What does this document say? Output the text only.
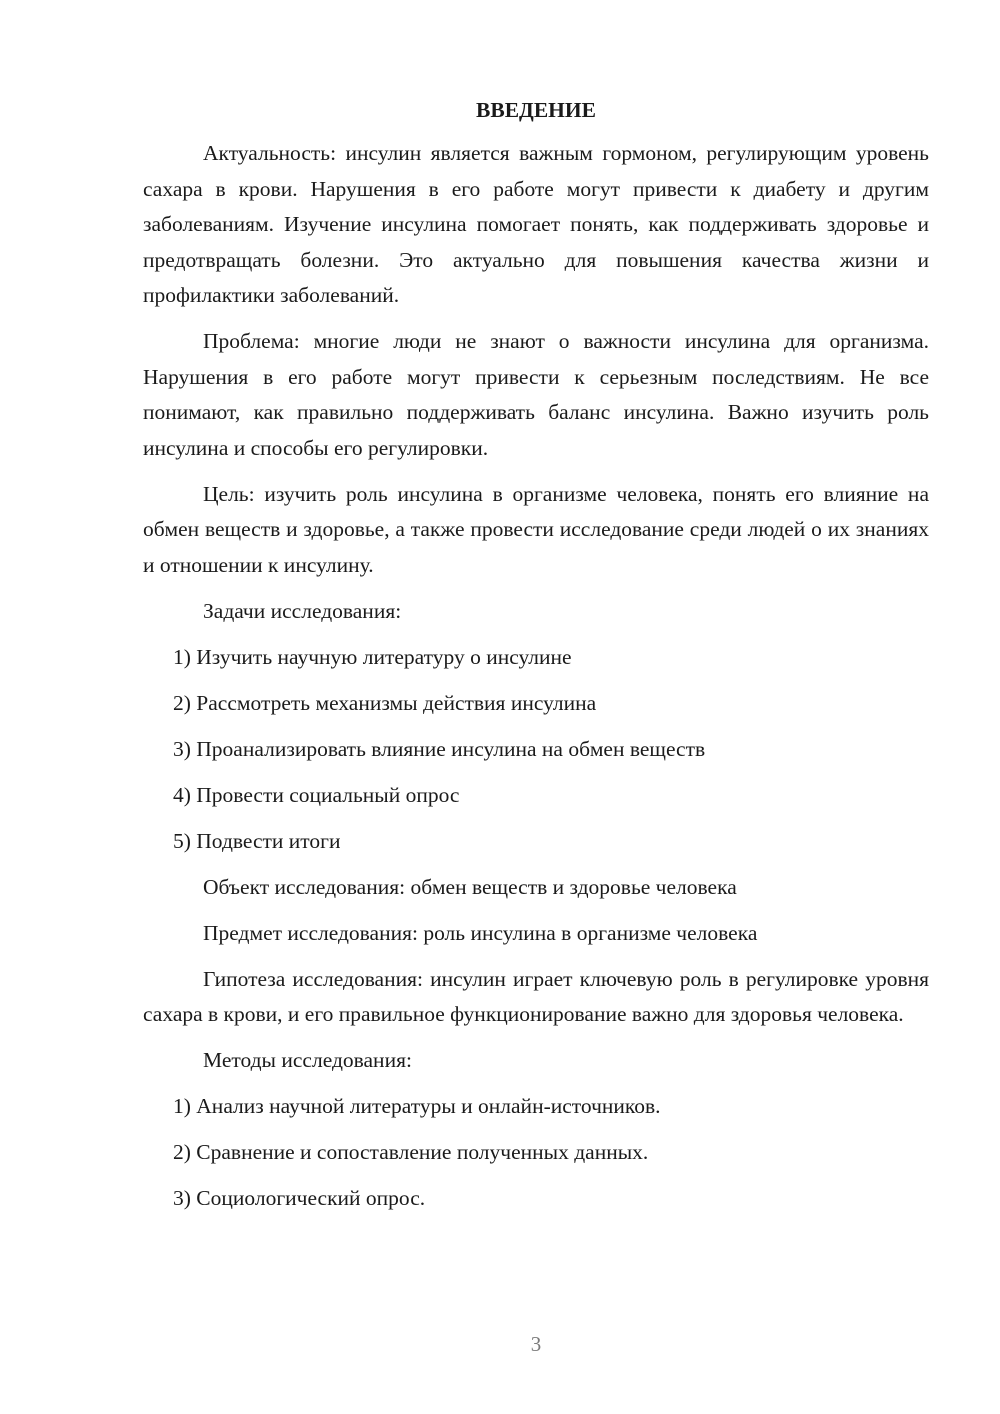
ВВЕДЕНИЕ

Актуальность: инсулин является важным гормоном, регулирующим уровень сахара в крови. Нарушения в его работе могут привести к диабету и другим заболеваниям. Изучение инсулина помогает понять, как поддерживать здоровье и предотвращать болезни. Это актуально для повышения качества жизни и профилактики заболеваний.

Проблема: многие люди не знают о важности инсулина для организма. Нарушения в его работе могут привести к серьезным последствиям. Не все понимают, как правильно поддерживать баланс инсулина. Важно изучить роль инсулина и способы его регулировки.

Цель: изучить роль инсулина в организме человека, понять его влияние на обмен веществ и здоровье, а также провести исследование среди людей о их знаниях и отношении к инсулину.

Задачи исследования:
1) Изучить научную литературу о инсулине
2) Рассмотреть механизмы действия инсулина
3) Проанализировать влияние инсулина на обмен веществ
4) Провести социальный опрос
5) Подвести итоги
Объект исследования: обмен веществ и здоровье человека
Предмет исследования: роль инсулина в организме человека

Гипотеза исследования: инсулин играет ключевую роль в регулировке уровня сахара в крови, и его правильное функционирование важно для здоровья человека.

Методы исследования:
1) Анализ научной литературы и онлайн-источников.
2) Сравнение и сопоставление полученных данных.
3) Социологический опрос.
3
